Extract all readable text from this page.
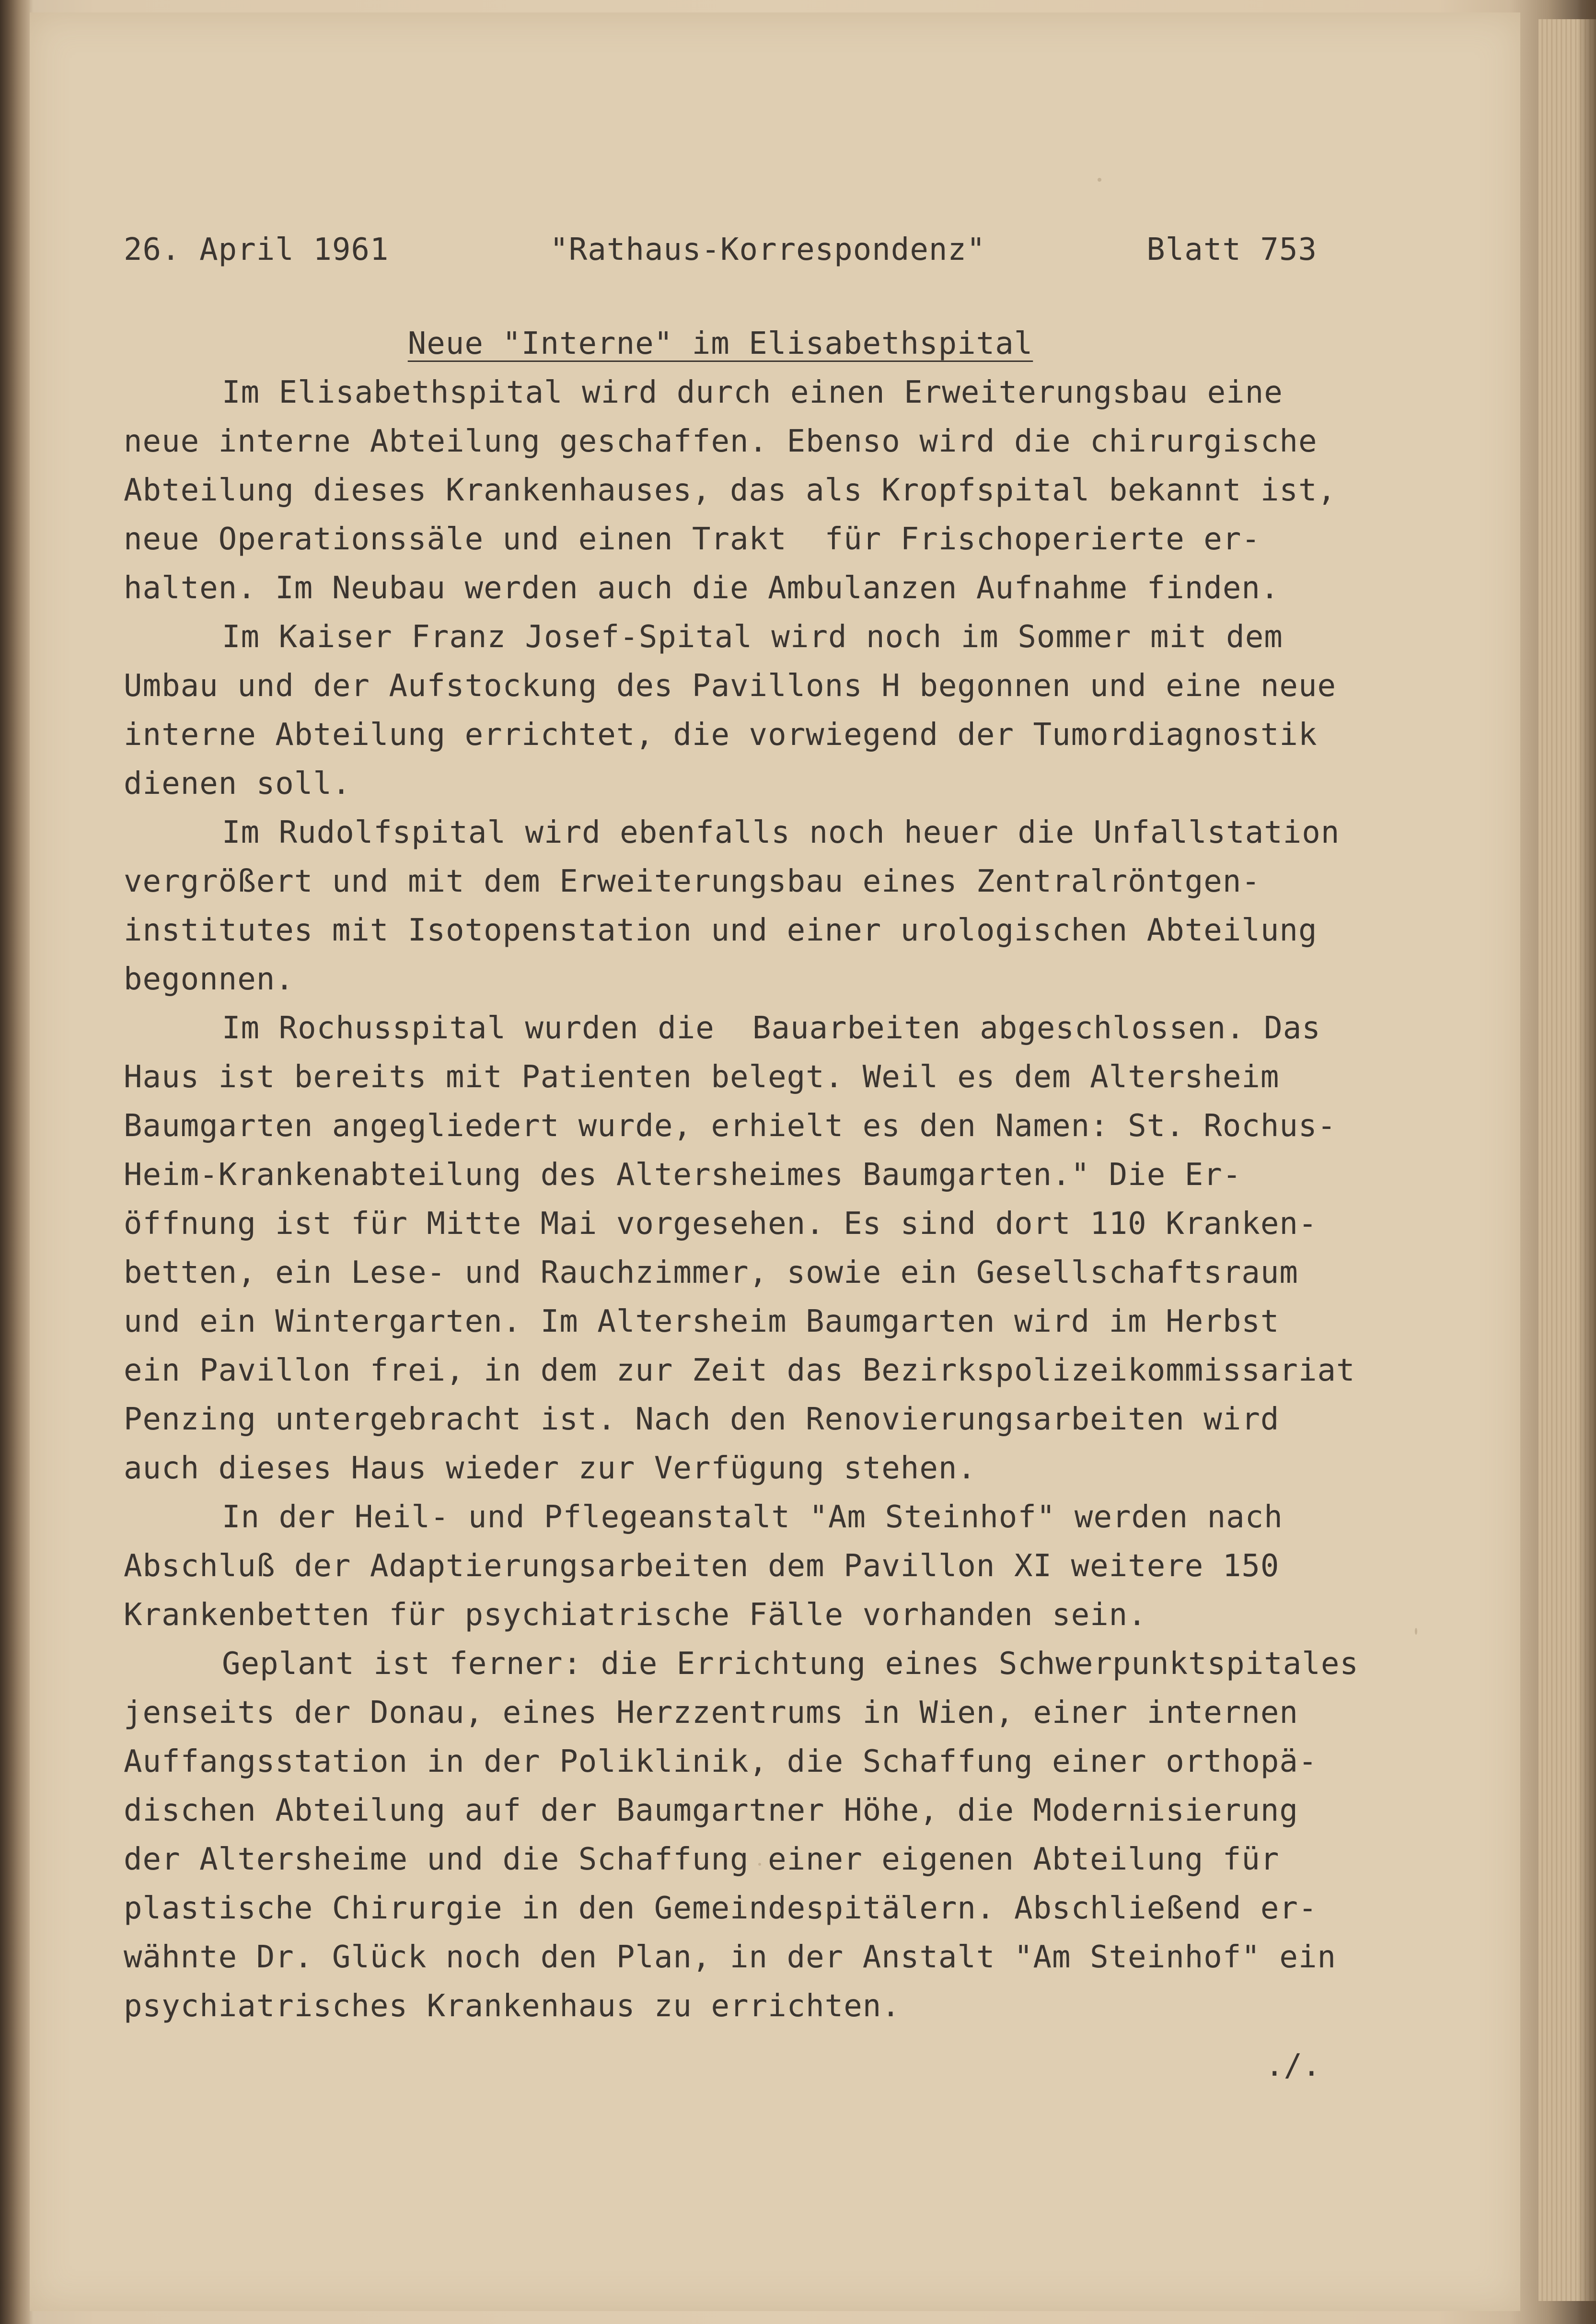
26. April 1961	"Rathaus-Korrespondenz"	Blatt 753
Neue "Interne" im Elisabethspital

Im Elisabethspital wird durch einen Erweiterungsbau eine

neue interne Abteilung geschaffen. Ebenso wird die chirurgische

Abteilung dieses Krankenhauses, das als Kropfspital bekannt ist,

neue Operationssäle und einen Trakt  für Frischoperierte er-

halten. Im Neubau werden auch die Ambulanzen Aufnahme finden.

Im Kaiser Franz Josef-Spital wird noch im Sommer mit dem

Umbau und der Aufstockung des Pavillons H begonnen und eine neue

interne Abteilung errichtet, die vorwiegend der Tumordiagnostik

dienen soll.

Im Rudolfspital wird ebenfalls noch heuer die Unfallstation

vergrößert und mit dem Erweiterungsbau eines Zentralröntgen-

institutes mit Isotopenstation und einer urologischen Abteilung

begonnen.

Im Rochusspital wurden die  Bauarbeiten abgeschlossen. Das

Haus ist bereits mit Patienten belegt. Weil es dem Altersheim

Baumgarten angegliedert wurde, erhielt es den Namen: St. Rochus-

Heim-Krankenabteilung des Altersheimes Baumgarten." Die Er-

öffnung ist für Mitte Mai vorgesehen. Es sind dort 110 Kranken-

betten, ein Lese- und Rauchzimmer, sowie ein Gesellschaftsraum

und ein Wintergarten. Im Altersheim Baumgarten wird im Herbst

ein Pavillon frei, in dem zur Zeit das Bezirkspolizeikommissariat

Penzing untergebracht ist. Nach den Renovierungsarbeiten wird

auch dieses Haus wieder zur Verfügung stehen.

In der Heil- und Pflegeanstalt "Am Steinhof" werden nach

Abschluß der Adaptierungsarbeiten dem Pavillon XI weitere 150

Krankenbetten für psychiatrische Fälle vorhanden sein.

Geplant ist ferner: die Errichtung eines Schwerpunktspitales

jenseits der Donau, eines Herzzentrums in Wien, einer internen

Auffangsstation in der Poliklinik, die Schaffung einer orthopä-

dischen Abteilung auf der Baumgartner Höhe, die Modernisierung

der Altersheime und die Schaffung einer eigenen Abteilung für

plastische Chirurgie in den Gemeindespitälern. Abschließend er-

wähnte Dr. Glück noch den Plan, in der Anstalt "Am Steinhof" ein

psychiatrisches Krankenhaus zu errichten.

./.
